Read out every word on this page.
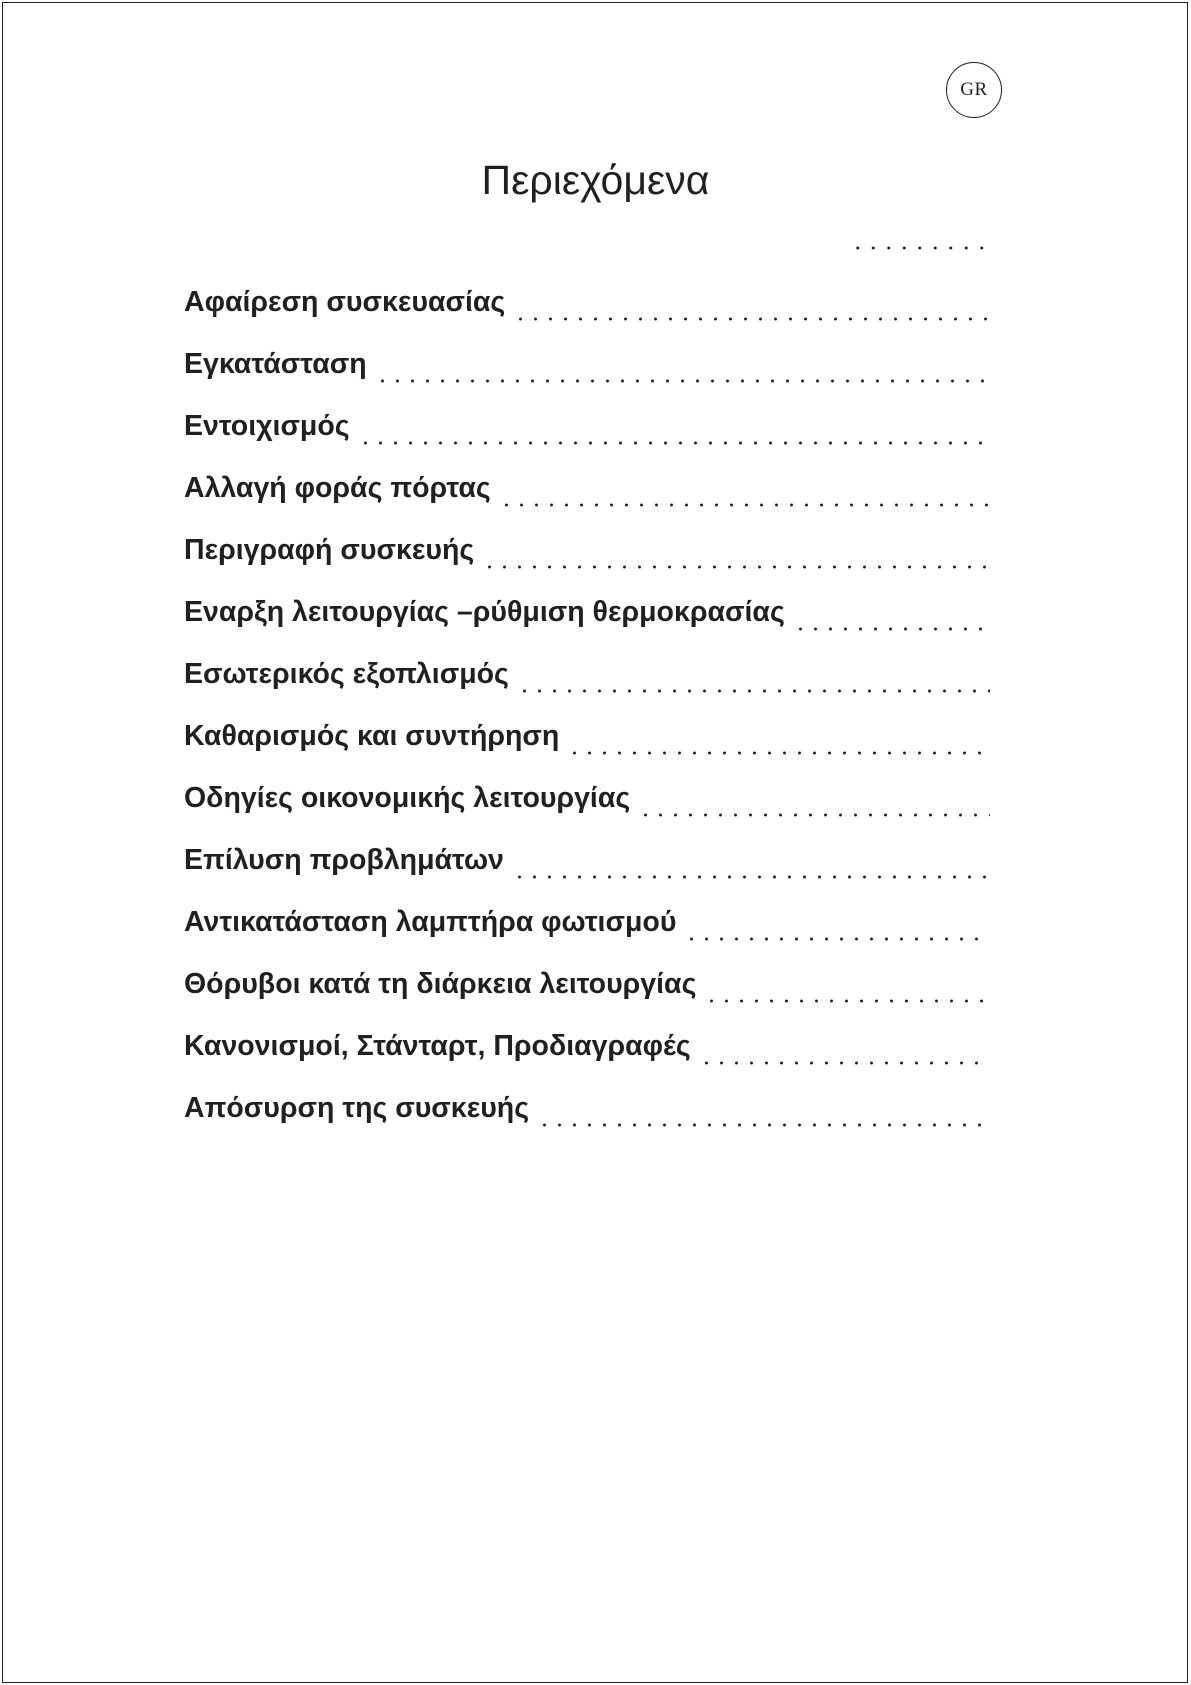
GR
Περιεχόμενα
Αφαίρεση συσκευασίας
Εγκατάσταση
Εντοιχισμός
Αλλαγή φοράς πόρτας
Περιγραφή συσκευής
Εναρξη λειτουργίας –ρύθμιση θερμοκρασίας
Εσωτερικός εξοπλισμός
Καθαρισμός και συντήρηση
Οδηγίες οικονομικής λειτουργίας
Επίλυση προβλημάτων
Αντικατάσταση λαμπτήρα φωτισμού
Θόρυβοι κατά τη διάρκεια λειτουργίας
Κανονισμοί, Στάνταρτ, Προδιαγραφές
Απόσυρση της συσκευής
